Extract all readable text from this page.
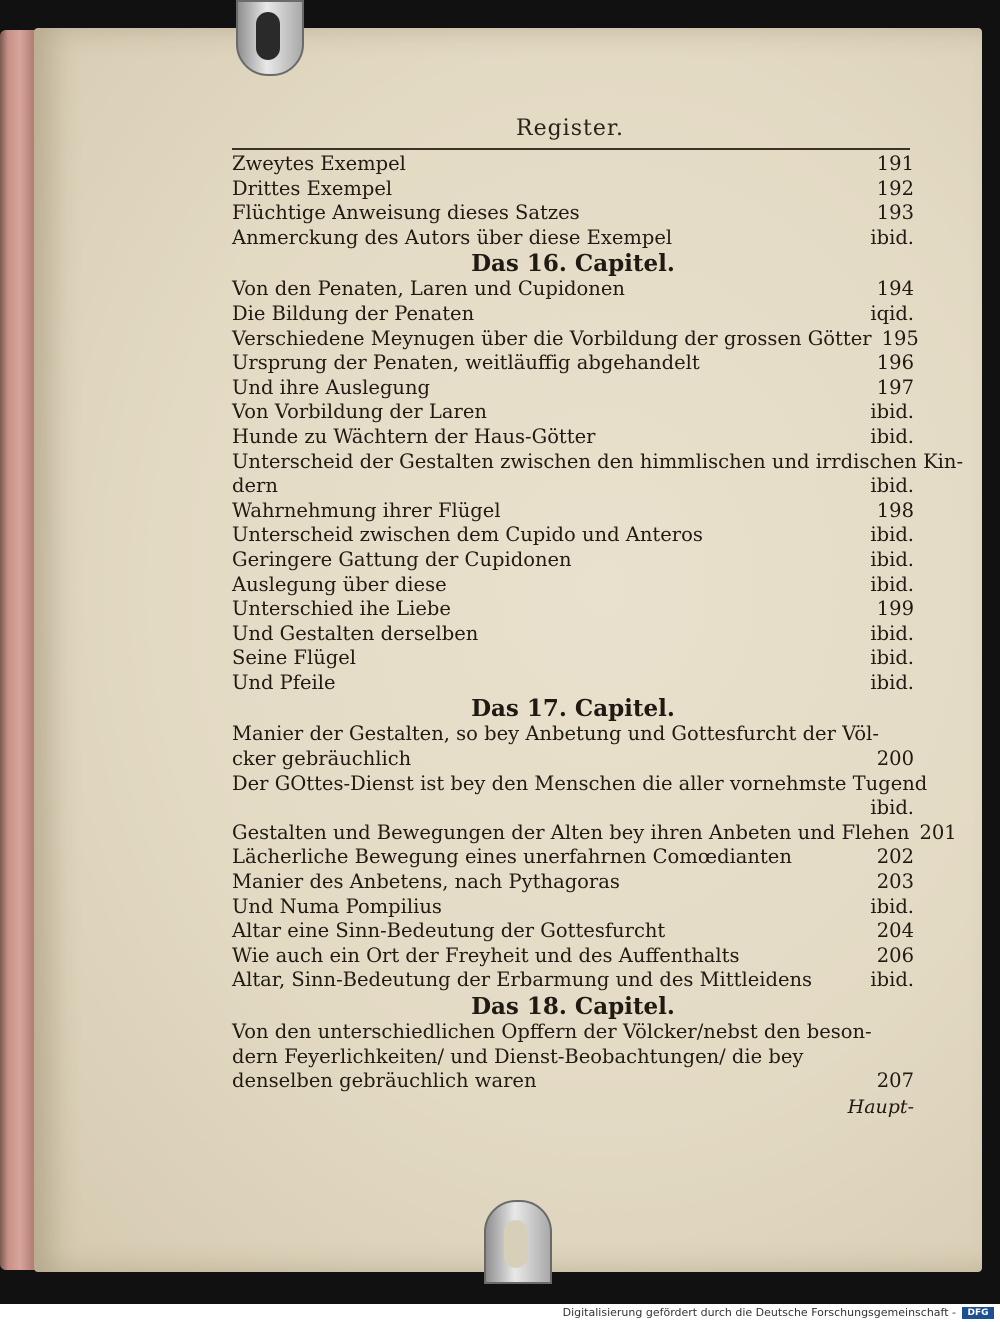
Register.
Zweytes Exempel	191
Drittes Exempel	192
Flüchtige Anweisung dieses Satzes	193
Anmerckung des Autors über diese Exempel	ibid.
Das 16. Capitel.
Von den Penaten, Laren und Cupidonen	194
Die Bildung der Penaten	iqid.
Verschiedene Meynugen über die Vorbildung der grossen Götter 195
Ursprung der Penaten, weitläuffig abgehandelt	196
Und ihre Auslegung	197
Von Vorbildung der Laren	ibid.
Hunde zu Wächtern der Haus-Götter	ibid.
Unterscheid der Gestalten zwischen den himmlischen und irrdischen Kin-
dern	ibid.
Wahrnehmung ihrer Flügel	198
Unterscheid zwischen dem Cupido und Anteros	ibid.
Geringere Gattung der Cupidonen	ibid.
Auslegung über diese	ibid.
Unterschied ihe Liebe	199
Und Gestalten derselben	ibid.
Seine Flügel	ibid.
Und Pfeile	ibid.
Das 17. Capitel.
Manier der Gestalten, so bey Anbetung und Gottesfurcht der Völ-
cker gebräuchlich	200
Der GOttes-Dienst ist bey den Menschen die aller vornehmste Tugend
ibid.
Gestalten und Bewegungen der Alten bey ihren Anbeten und Flehen 201
Lächerliche Bewegung eines unerfahrnen Comœdianten	202
Manier des Anbetens, nach Pythagoras	203
Und Numa Pompilius	ibid.
Altar eine Sinn-Bedeutung der Gottesfurcht	204
Wie auch ein Ort der Freyheit und des Auffenthalts	206
Altar, Sinn-Bedeutung der Erbarmung und des Mittleidens	ibid.
Das 18. Capitel.
Von den unterschiedlichen Opffern der Völcker/nebst den beson-
dern Feyerlichkeiten/ und Dienst-Beobachtungen/ die bey
denselben gebräuchlich waren	207
Haupt-
Digitalisierung gefördert durch die Deutsche Forschungsgemeinschaft -	DFG
